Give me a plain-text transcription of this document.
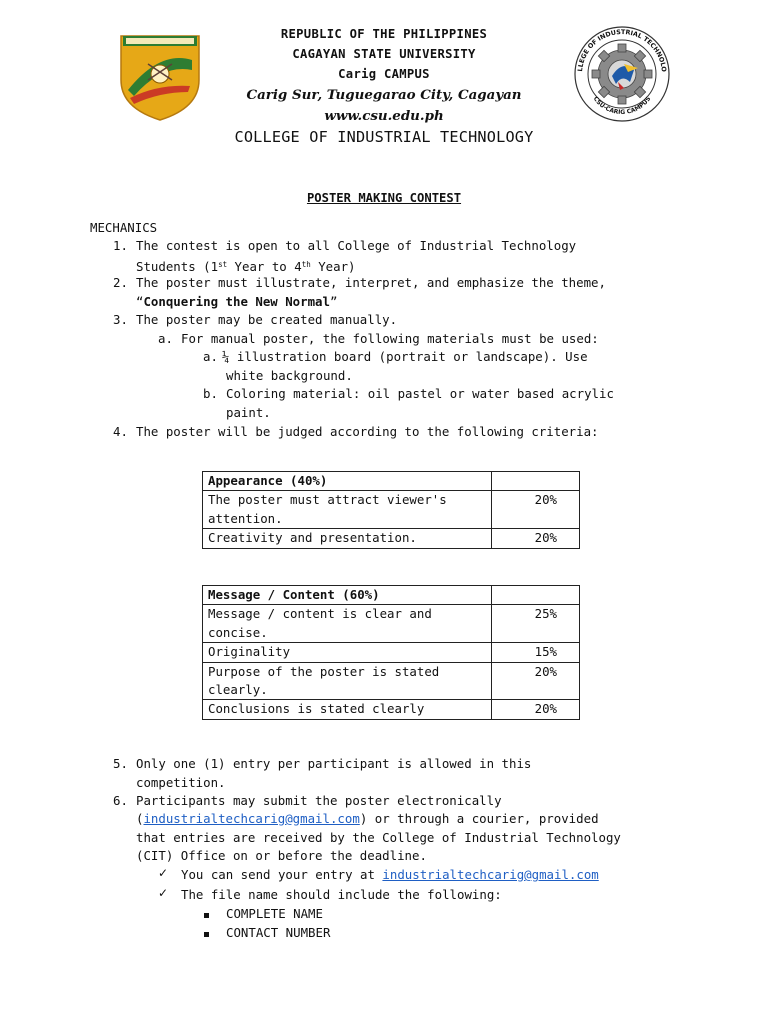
LLEGE OF INDUSTRIAL TECHNOLO
CSU-CARIG CAMPUS
REPUBLIC OF THE PHILIPPINES
CAGAYAN STATE UNIVERSITY
Carig CAMPUS
Carig Sur, Tuguegarao City, Cagayan
www.csu.edu.ph
COLLEGE OF INDUSTRIAL TECHNOLOGY
POSTER MAKING CONTEST
MECHANICS
1. The contest is open to all College of Industrial Technology
Students (1st Year to 4th Year)
2. The poster must illustrate, interpret, and emphasize the theme,
“Conquering the New Normal”
3. The poster may be created manually.
a. For manual poster, the following materials must be used:
a. ¼ illustration board (portrait or landscape). Use
white background.
b. Coloring material: oil pastel or water based acrylic
paint.
4. The poster will be judged according to the following criteria:
Appearance (40%)	
The poster must attract viewer's attention.	20%
Creativity and presentation.	20%
Message / Content (60%)	
Message / content is clear and concise.	25%
Originality	15%
Purpose of the poster is stated clearly.	20%
Conclusions is stated clearly	20%
5. Only one (1) entry per participant is allowed in this
competition.
6. Participants may submit the poster electronically
(industrialtechcarig@gmail.com) or through a courier, provided
that entries are received by the College of Industrial Technology
(CIT) Office on or before the deadline.
✓ You can send your entry at industrialtechcarig@gmail.com
✓ The file name should include the following:
COMPLETE NAME
CONTACT NUMBER
